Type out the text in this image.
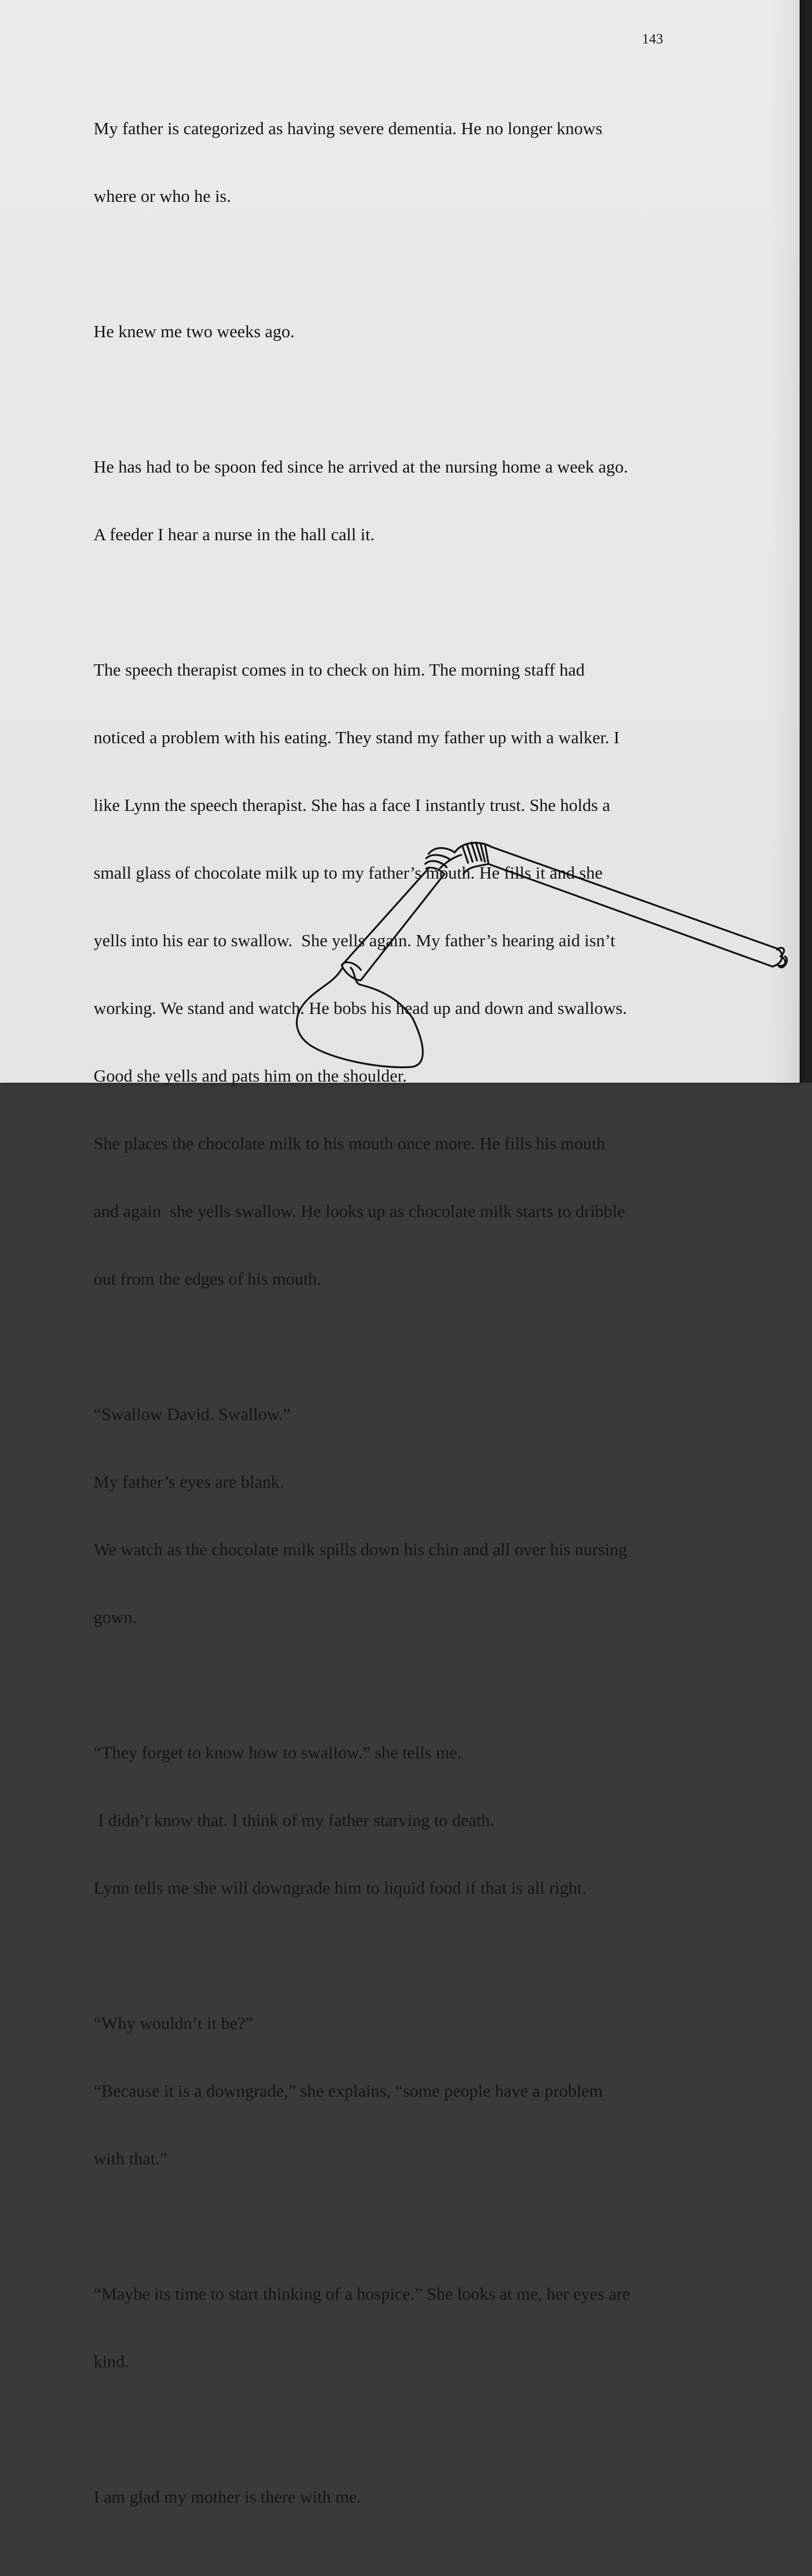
143

My father is categorized as having severe dementia. He no longer knows

where or who he is.

He knew me two weeks ago.

He has had to be spoon fed since he arrived at the nursing home a week ago.

A feeder I hear a nurse in the hall call it.

The speech therapist comes in to check on him. The morning staff had

noticed a problem with his eating. They stand my father up with a walker. I

like Lynn the speech therapist. She has a face I instantly trust. She holds a

small glass of chocolate milk up to my father’s mouth. He fills it and she

yells into his ear to swallow.  She yells again. My father’s hearing aid isn’t

working. We stand and watch. He bobs his head up and down and swallows.

Good she yells and pats him on the shoulder.

She places the chocolate milk to his mouth once more. He fills his mouth

and again  she yells swallow. He looks up as chocolate milk starts to dribble

out from the edges of his mouth.

“Swallow David. Swallow.”

My father’s eyes are blank.

We watch as the chocolate milk spills down his chin and all over his nursing

gown.

“They forget to know how to swallow.” she tells me.

I didn’t know that. I think of my father starving to death.

Lynn tells me she will downgrade him to liquid food if that is all right.

“Why wouldn’t it be?”

“Because it is a downgrade,” she explains, “some people have a problem

with that.”

“Maybe its time to start thinking of a hospice.” She looks at me, her eyes are

kind.

I am glad my mother is there with me.
